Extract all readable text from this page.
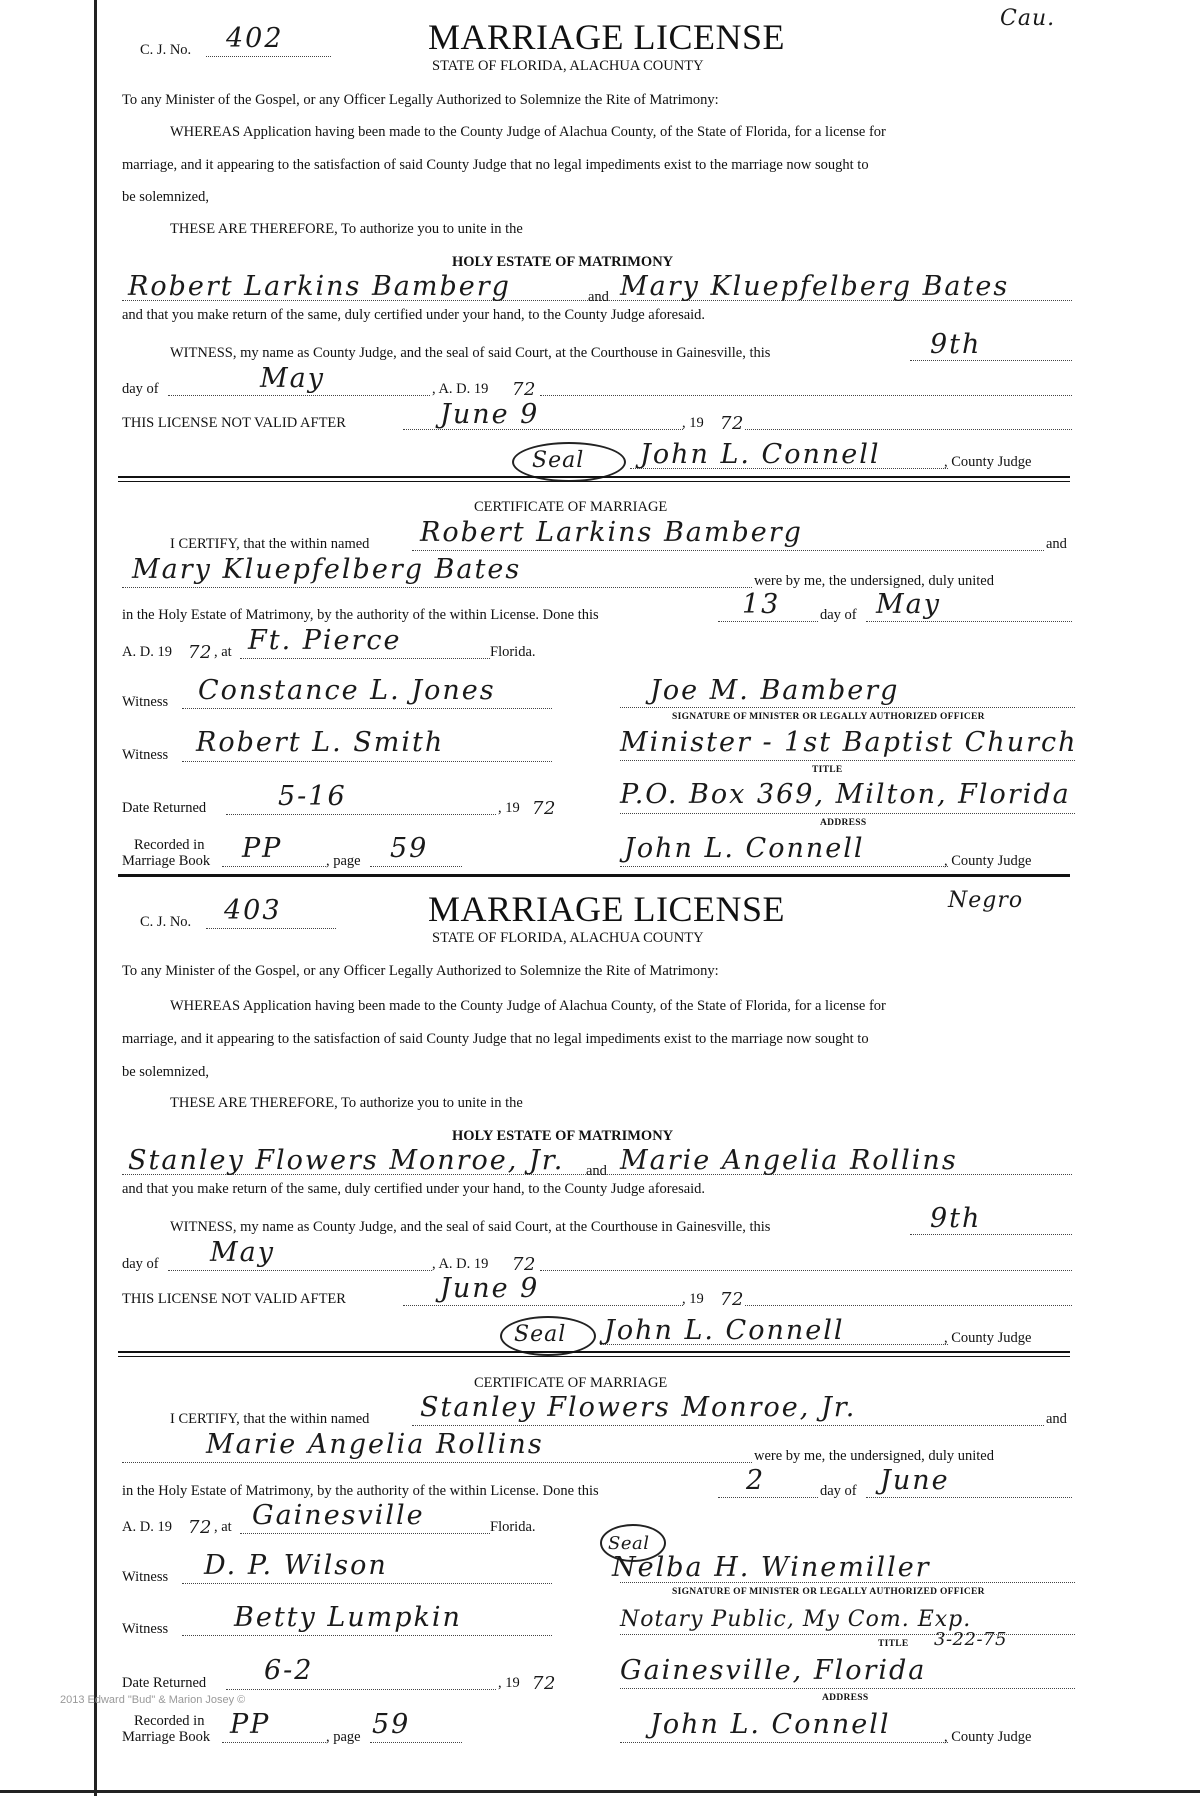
C. J. No. 402	MARRIAGE LICENSE
STATE OF FLORIDA, ALACHUA COUNTY
Cau.
To any Minister of the Gospel, or any Officer Legally Authorized to Solemnize the Rite of Matrimony:
WHEREAS Application having been made to the County Judge of Alachua County, of the State of Florida, for a license for
marriage, and it appearing to the satisfaction of said County Judge that no legal impediments exist to the marriage now sought to
be solemnized,
THESE ARE THEREFORE, To authorize you to unite in the
HOLY ESTATE OF MATRIMONY
Robert Larkins Bamberg	and Mary Kluepfelberg Bates
and that you make return of the same, duly certified under your hand, to the County Judge aforesaid.
WITNESS, my name as County Judge, and the seal of said Court, at the Courthouse in Gainesville, this	9th
day of	May	, A. D. 19 72
THIS LICENSE NOT VALID AFTER	June 9	, 19 72
Seal John L. Connell	, County Judge
CERTIFICATE OF MARRIAGE
I CERTIFY, that the within named Robert Larkins Bamberg	and
Mary Kluepfelberg Bates	were by me, the undersigned, duly united
in the Holy Estate of Matrimony, by the authority of the within License. Done this	13	day of May
A. D. 19 72 , at Ft. Pierce	Florida.
Witness Constance L. Jones	Joe M. Bamberg
SIGNATURE OF MINISTER OR LEGALLY AUTHORIZED OFFICER
Witness Robert L. Smith	Minister - 1st Baptist Church
TITLE
Date Returned	5-16	, 19 72 P.O. Box 369, Milton, Florida
ADDRESS
Recorded in
Marriage Book PP	, page 59	John L. Connell	, County Judge
C. J. No. 403	MARRIAGE LICENSE
STATE OF FLORIDA, ALACHUA COUNTY
Negro
To any Minister of the Gospel, or any Officer Legally Authorized to Solemnize the Rite of Matrimony:
WHEREAS Application having been made to the County Judge of Alachua County, of the State of Florida, for a license for
marriage, and it appearing to the satisfaction of said County Judge that no legal impediments exist to the marriage now sought to
be solemnized,
THESE ARE THEREFORE, To authorize you to unite in the
HOLY ESTATE OF MATRIMONY
Stanley Flowers Monroe, Jr. and Marie Angelia Rollins
and that you make return of the same, duly certified under your hand, to the County Judge aforesaid.
WITNESS, my name as County Judge, and the seal of said Court, at the Courthouse in Gainesville, this	9th
day of May	, A. D. 19 72
THIS LICENSE NOT VALID AFTER	June 9	, 19 72
Seal John L. Connell	, County Judge
CERTIFICATE OF MARRIAGE
I CERTIFY, that the within named Stanley Flowers Monroe, Jr.	and
Marie Angelia Rollins	were by me, the undersigned, duly united
in the Holy Estate of Matrimony, by the authority of the within License. Done this	2	day of June
A. D. 19 72 , at Gainesville	Florida.
Seal
Witness D. P. Wilson	Nelba H. Winemiller
SIGNATURE OF MINISTER OR LEGALLY AUTHORIZED OFFICER
Witness Betty Lumpkin	Notary Public, My Com. Exp.
3-22-75
TITLE
Date Returned 6-2	, 19 72 Gainesville, Florida
ADDRESS
2013 Edward "Bud" & Marion Josey ©
Recorded in
Marriage Book PP	, page 59	John L. Connell	, County Judge
